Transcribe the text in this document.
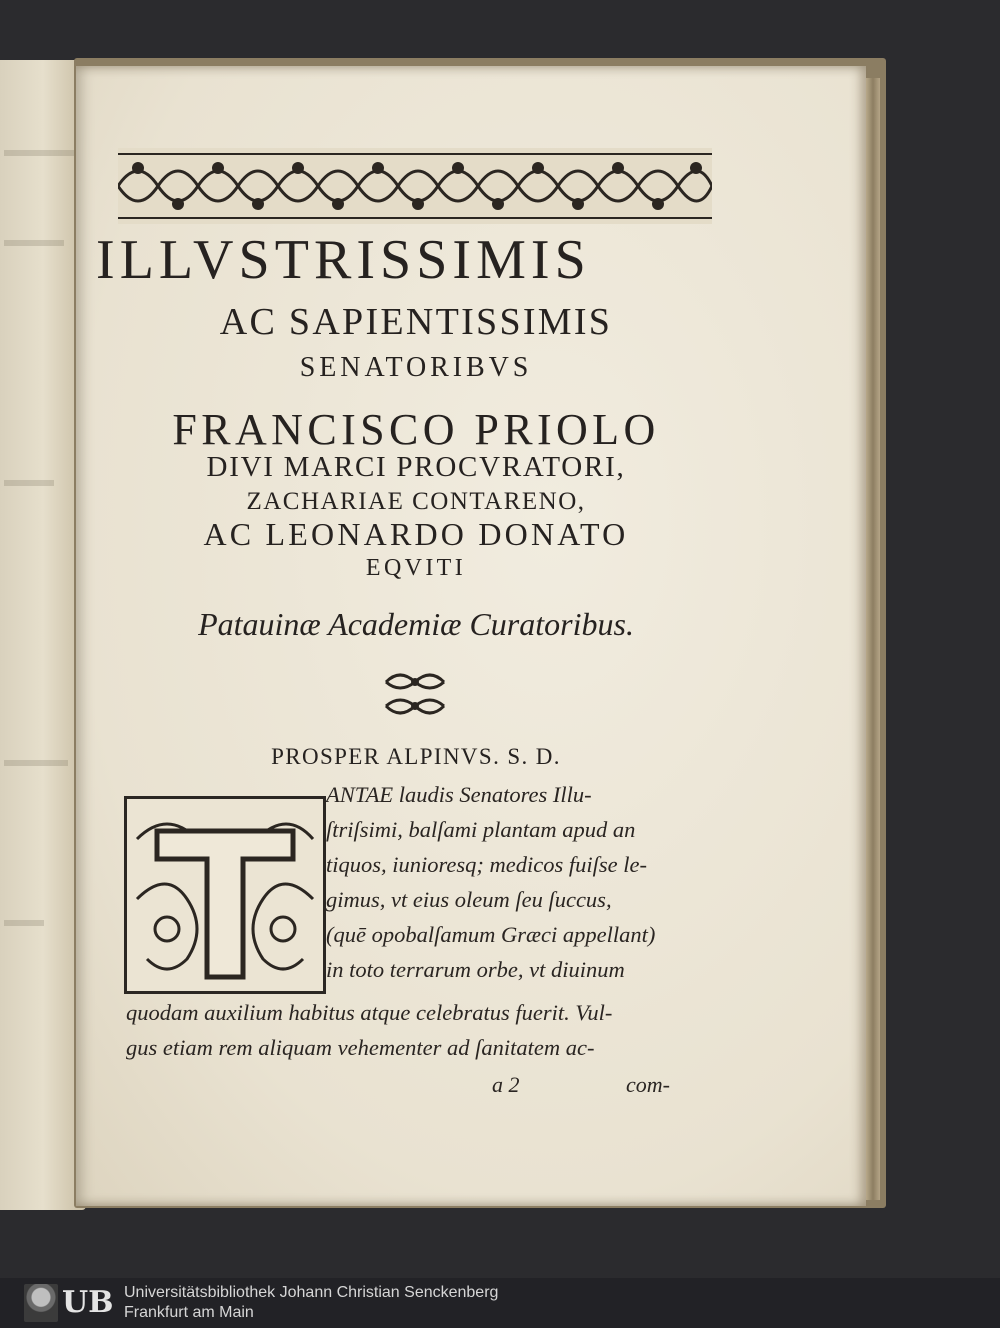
ILLVSTRISSIMIS
AC SAPIENTISSIMIS
SENATORIBVS
FRANCISCO PRIOLO
DIVI MARCI PROCVRATORI,
ZACHARIAE CONTARENO,
AC LEONARDO DONATO
EQVITI
Patauinæ Academiæ Curatoribus.
PROSPER ALPINVS. S. D.
ANTAE laudis Senatores Illu-
ſtriſsimi, balſami plantam apud an
tiquos, iunioresq; medicos fuiſse le-
gimus, vt eius oleum ſeu ſuccus,
(quē opobalſamum Græci appellant)
in toto terrarum orbe, vt diuinum
quodam auxilium habitus atque celebratus fuerit. Vul-
gus etiam rem aliquam vehementer ad ſanitatem ac-
a 2	com-
UB Universitätsbibliothek Johann Christian Senckenberg
Frankfurt am Main
